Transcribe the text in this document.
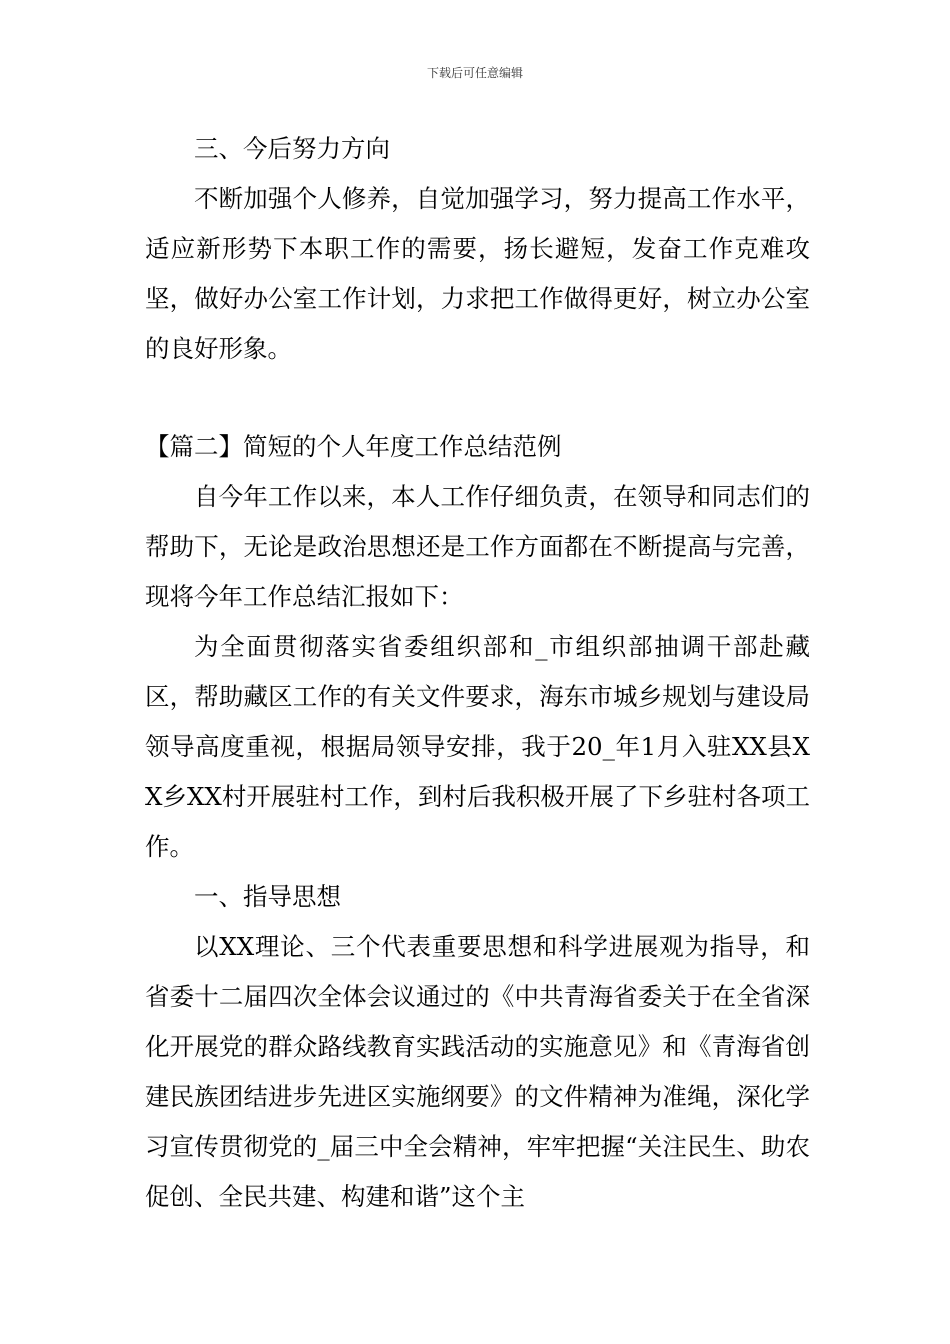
下载后可任意编辑

三、今后努力方向

不断加强个人修养，自觉加强学习，努力提高工作水平，适应新形势下本职工作的需要，扬长避短，发奋工作克难攻坚，做好办公室工作计划，力求把工作做得更好，树立办公室的良好形象。

【篇二】简短的个人年度工作总结范例

自今年工作以来，本人工作仔细负责，在领导和同志们的帮助下，无论是政治思想还是工作方面都在不断提高与完善，现将今年工作总结汇报如下：

为全面贯彻落实省委组织部和_市组织部抽调干部赴藏区，帮助藏区工作的有关文件要求，海东市城乡规划与建设局领导高度重视，根据局领导安排，我于20_年1月入驻XX县XX乡XX村开展驻村工作，到村后我积极开展了下乡驻村各项工作。

一、指导思想

以XX理论、三个代表重要思想和科学进展观为指导，和省委十二届四次全体会议通过的《中共青海省委关于在全省深化开展党的群众路线教育实践活动的实施意见》和《青海省创建民族团结进步先进区实施纲要》的文件精神为准绳，深化学习宣传贯彻党的_届三中全会精神，牢牢把握“关注民生、助农促创、全民共建、构建和谐”这个主
